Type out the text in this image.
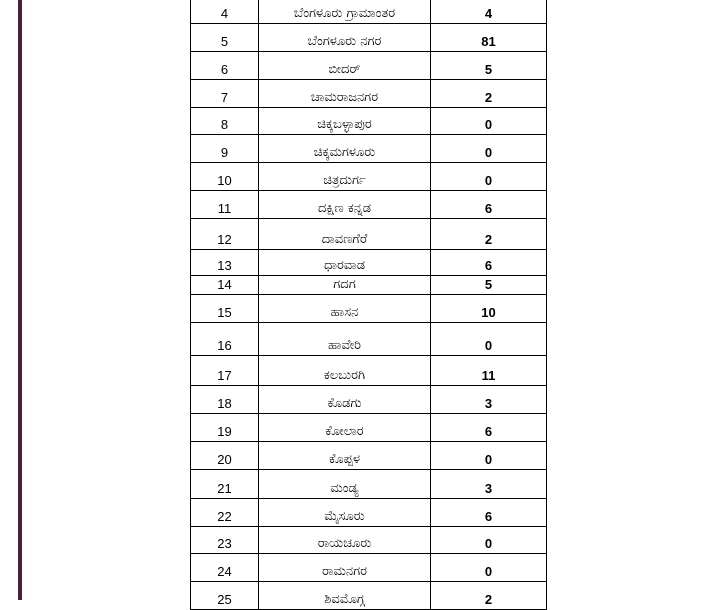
4	ಬೆಂಗಳೂರು ಗ್ರಾಮಾಂತರ	4
5	ಬೆಂಗಳೂರು ನಗರ	81
6	ಬೀದರ್	5
7	ಚಾಮರಾಜನಗರ	2
8	ಚಿಕ್ಕಬಳ್ಳಾಪುರ	0
9	ಚಿಕ್ಕಮಗಳೂರು	0
10	ಚಿತ್ರದುರ್ಗ	0
11	ದಕ್ಷಿಣ ಕನ್ನಡ	6
12	ದಾವಣಗೆರೆ	2
13	ಧಾರವಾಡ	6
14	ಗದಗ	5
15	ಹಾಸನ	10
16	ಹಾವೇರಿ	0
17	ಕಲಬುರಗಿ	11
18	ಕೊಡಗು	3
19	ಕೋಲಾರ	6
20	ಕೊಪ್ಪಳ	0
21	ಮಂಡ್ಯ	3
22	ಮೈಸೂರು	6
23	ರಾಯಚೂರು	0
24	ರಾಮನಗರ	0
25	ಶಿವಮೊಗ್ಗ	2
